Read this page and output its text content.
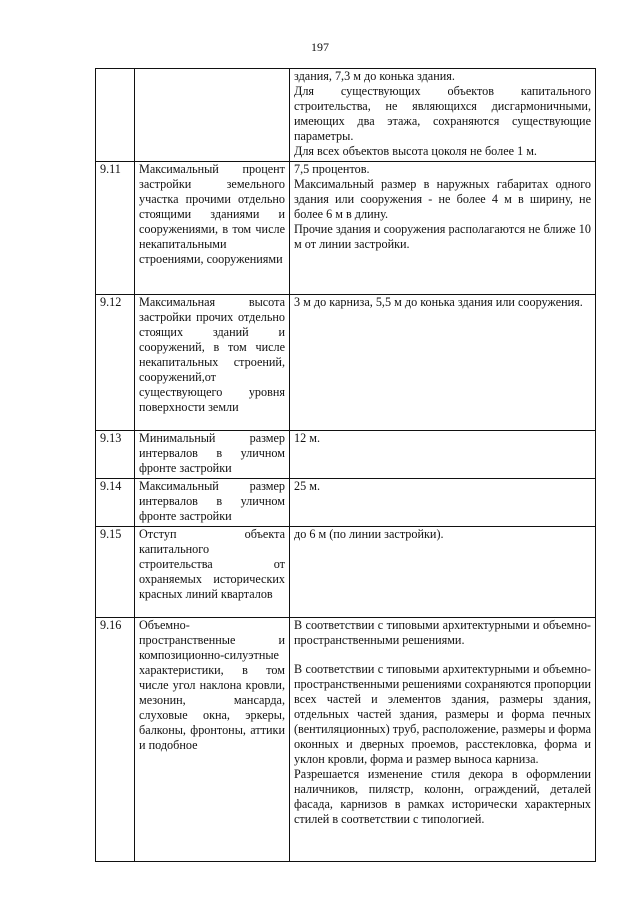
197

		здания, 7,3 м до конька здания.

Для существующих объектов капитального строительства, не являющихся дисгармоничными, имеющих два этажа, сохраняются существующие параметры.

Для всех объектов высота цоколя не более 1 м.

9.11	Максимальный процент застройки земельного участка прочими отдельно стоящими зданиями и сооружениями, в том числе некапитальными строениями, сооружениями	7,5 процентов.

Максимальный размер в наружных габаритах одного здания или сооружения - не более 4 м в ширину, не более 6 м в длину.

Прочие здания и сооружения располагаются не ближе 10 м от линии застройки.

9.12	Максимальная высота застройки прочих отдельно стоящих зданий и сооружений, в том числе некапитальных строений, сооружений,от существующего уровня поверхности земли	3 м до карниза, 5,5 м до конька здания или сооружения.

9.13	Минимальный размер интервалов в уличном фронте застройки	12 м.

9.14	Максимальный размер интервалов в уличном фронте застройки	25 м.

9.15	Отступ объекта капитального строительства от охраняемых исторических красных линий кварталов	до 6 м (по линии застройки).

9.16	Объемно-пространственные и композиционно-силуэтные характеристики, в том числе угол наклона кровли, мезонин, мансарда, слуховые окна, эркеры, балконы, фронтоны, аттики и подобное	В соответствии с типовыми архитектурными и объемно-пространственными решениями.

В соответствии с типовыми архитектурными и объемно-пространственными решениями сохраняются пропорции всех частей и элементов здания, размеры здания, отдельных частей здания, размеры и форма печных (вентиляционных) труб, расположение, размеры и форма оконных и дверных проемов, расстекловка, форма и уклон кровли, форма и размер выноса карниза.

Разрешается изменение стиля декора в оформлении наличников, пилястр, колонн, ограждений, деталей фасада, карнизов в рамках исторически характерных стилей в соответствии с типологией.
